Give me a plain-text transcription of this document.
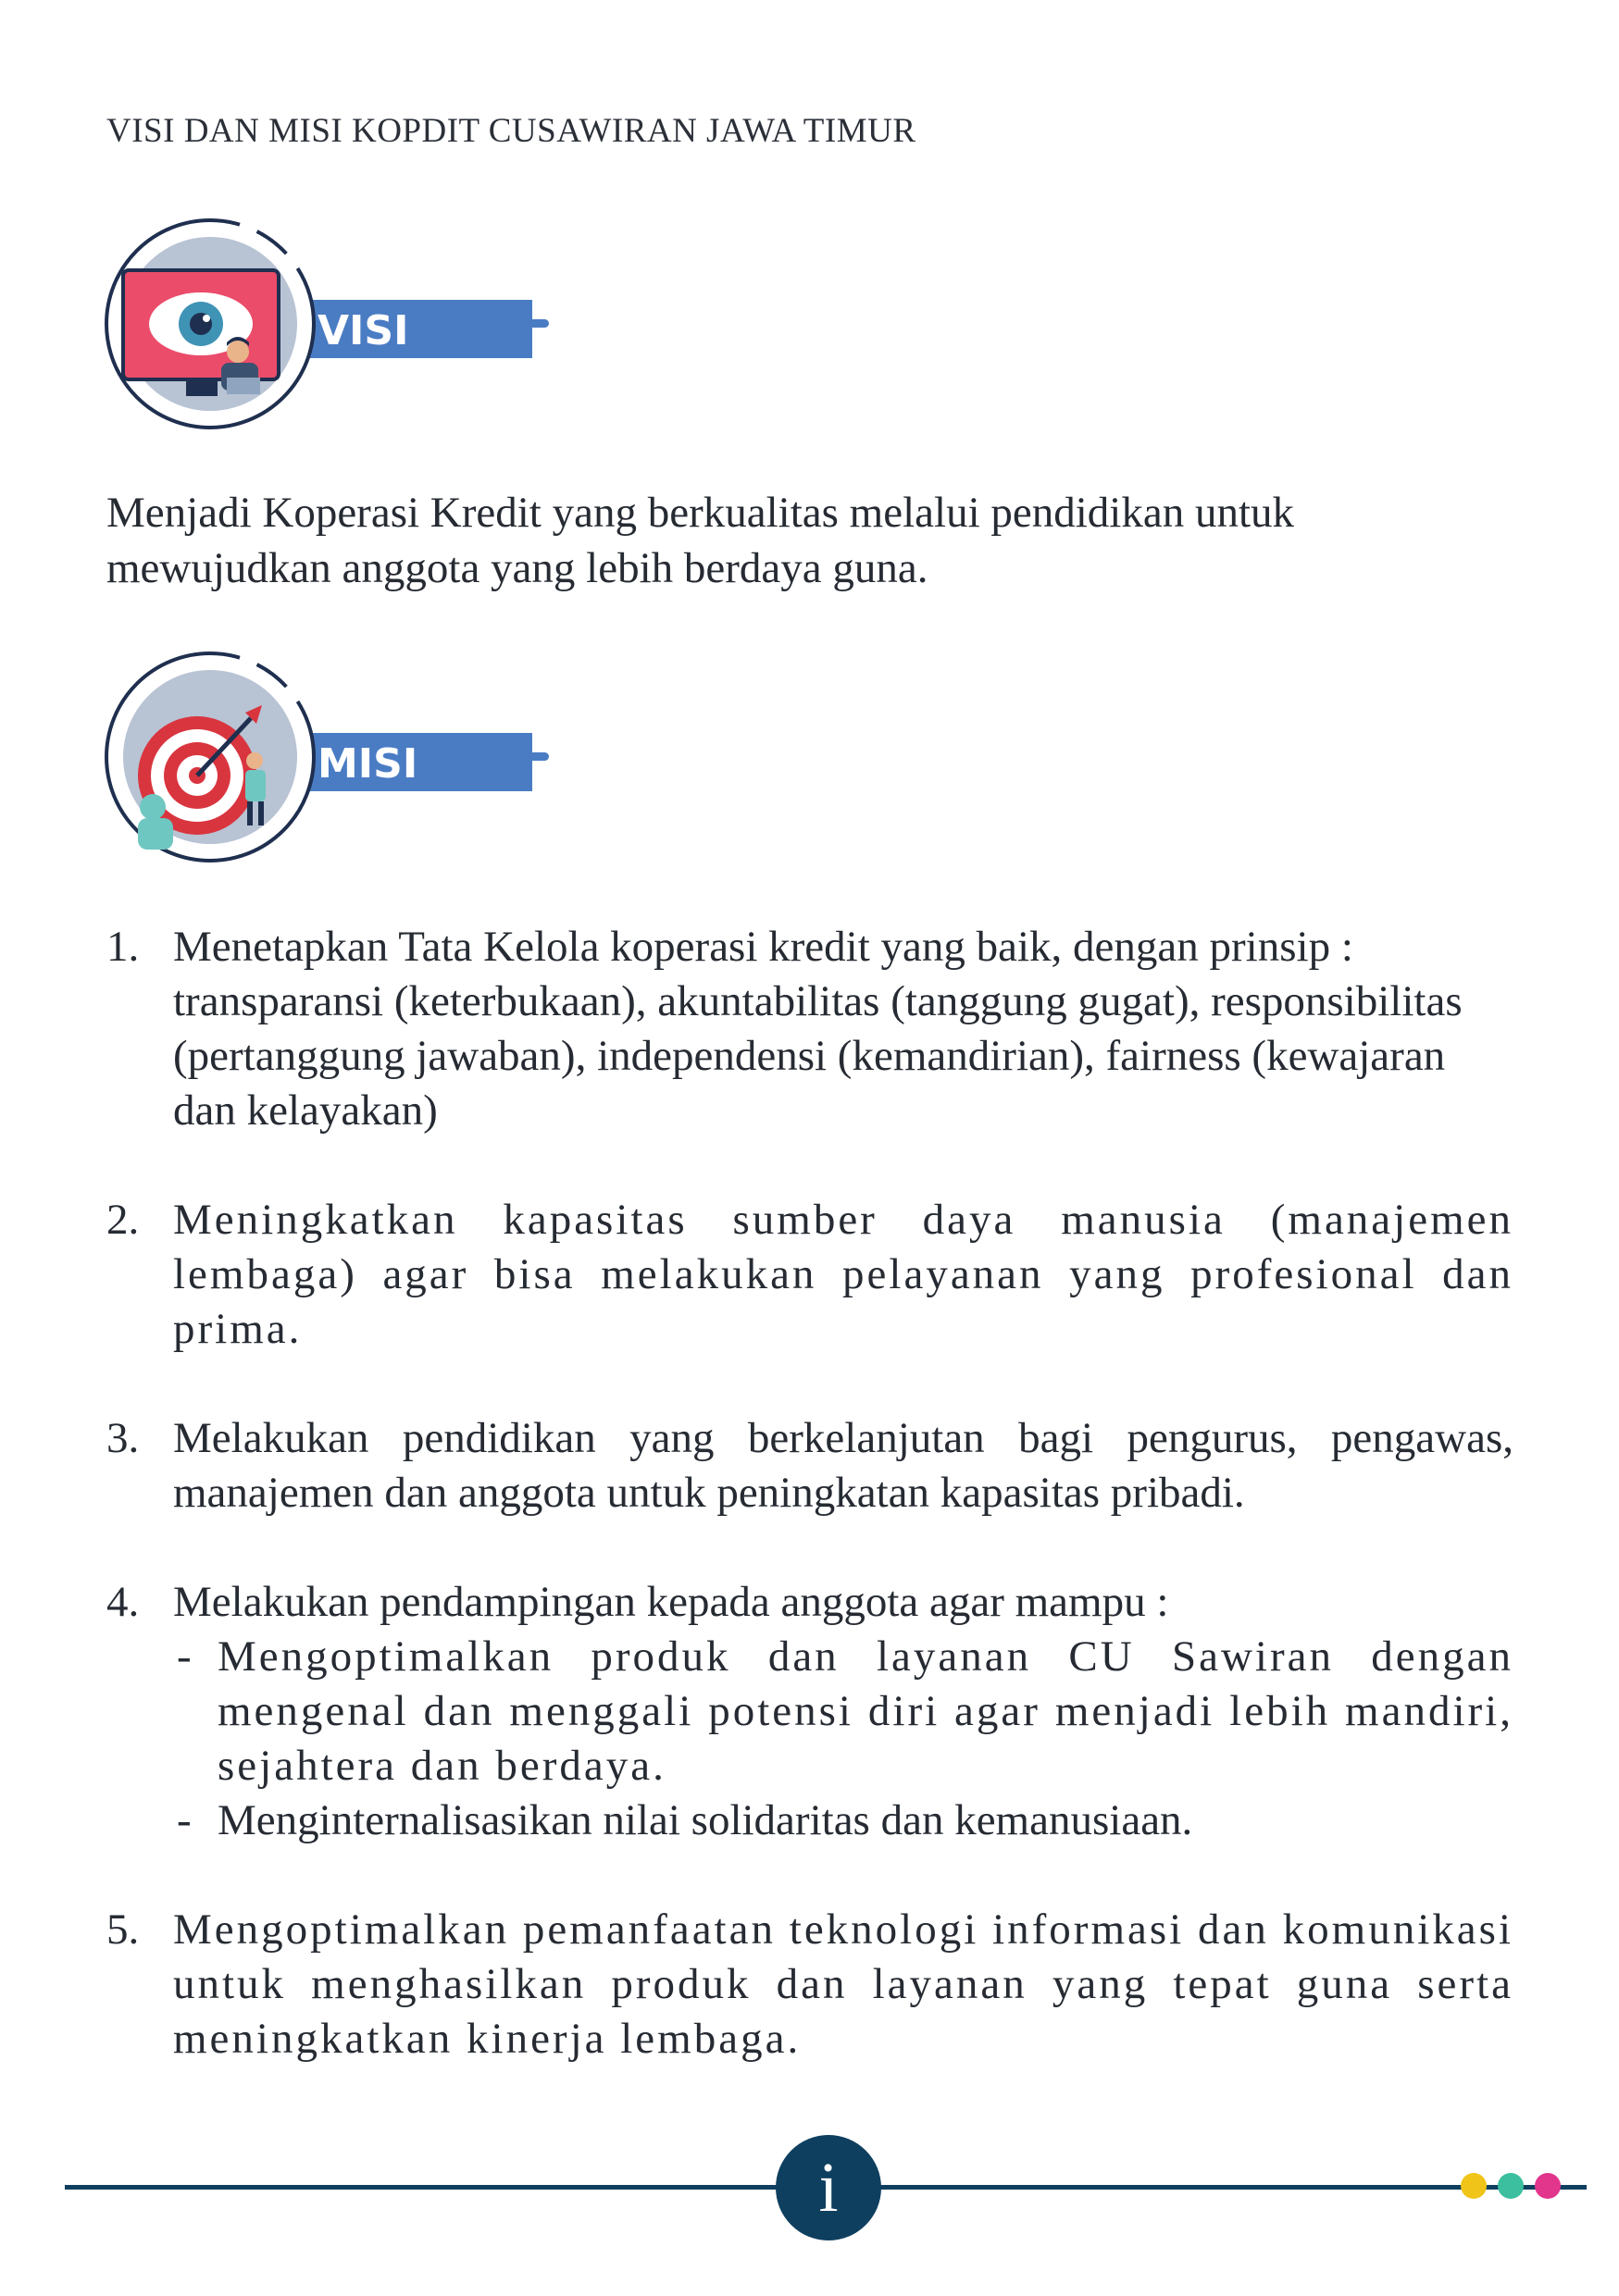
VISI DAN MISI KOPDIT CUSAWIRAN JAWA TIMUR
VISI

Menjadi Koperasi Kredit yang berkualitas melalui pendidikan untuk mewujudkan anggota yang lebih berdaya guna.

MISI
1. Menetapkan Tata Kelola koperasi kredit yang baik, dengan prinsip : transparansi (keterbukaan), akuntabilitas (tanggung gugat), responsibilitas (pertanggung jawaban), independensi (kemandirian), fairness (kewajaran dan kelayakan)
2. Meningkatkan kapasitas sumber daya manusia (manajemen lembaga) agar bisa melakukan pelayanan yang profesional dan prima.
3. Melakukan pendidikan yang berkelanjutan bagi pengurus, pengawas, manajemen dan anggota untuk peningkatan kapasitas pribadi.
4. Melakukan pendampingan kepada anggota agar mampu :
- Mengoptimalkan produk dan layanan CU Sawiran dengan mengenal dan menggali potensi diri agar menjadi lebih mandiri, sejahtera dan berdaya.
- Menginternalisasikan nilai solidaritas dan kemanusiaan.
5. Mengoptimalkan pemanfaatan teknologi informasi dan komunikasi untuk menghasilkan produk dan layanan yang tepat guna serta meningkatkan kinerja lembaga.
i
